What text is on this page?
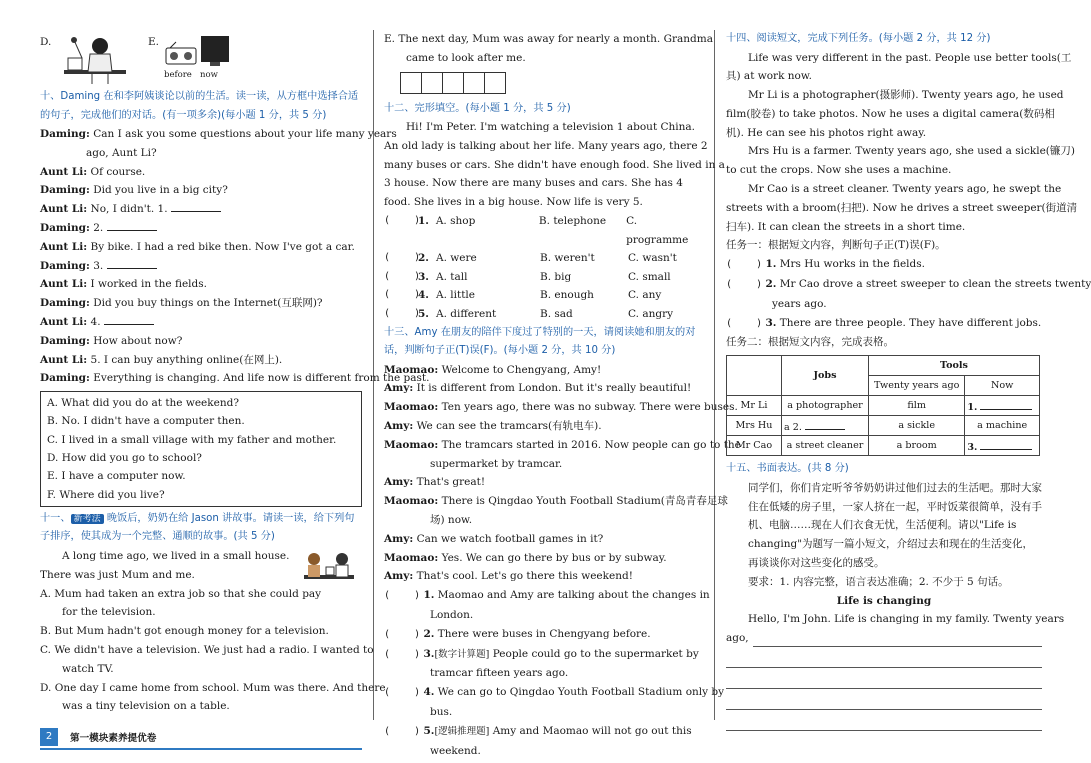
D.	E.
before now

十、Daming 在和李阿姨谈论以前的生活。读一读，从方框中选择合适的句子，完成他们的对话。(有一项多余)(每小题 1 分，共 5 分)

Daming: Can I ask you some questions about your life many years

ago, Aunt Li?

Aunt Li: Of course.

Daming: Did you live in a big city?

Aunt Li: No, I didn't. 1.

Daming: 2.

Aunt Li: By bike. I had a red bike then. Now I've got a car.

Daming: 3.

Aunt Li: I worked in the fields.

Daming: Did you buy things on the Internet(互联网)?

Aunt Li: 4.

Daming: How about now?

Aunt Li: 5. I can buy anything online(在网上).

Daming: Everything is changing. And life now is different from the past.

A. What did you do at the weekend?

B. No. I didn't have a computer then.

C. I lived in a small village with my father and mother.

D. How did you go to school?

E. I have a computer now.

F. Where did you live?

十一、 新考法 晚饭后，奶奶在给 Jason 讲故事。请读一读，给下列句子排序，使其成为一个完整、通顺的故事。(共 5 分)

A long time ago, we lived in a small house.

There was just Mum and me.

A. Mum had taken an extra job so that she could pay

for the television.

B. But Mum hadn't got enough money for a television.

C. We didn't have a television. We just had a radio. I wanted to

watch TV.

D. One day I came home from school. Mum was there. And there

was a tiny television on a table.

2	第一模块素养提优卷

E. The next day, Mum was away for nearly a month. Grandma

came to look after me.

十二、完形填空。(每小题 1 分，共 5 分)

Hi! I'm Peter. I'm watching a television 1 about China.

An old lady is talking about her life. Many years ago, there 2

many buses or cars. She didn't have enough food. She lived in a

3 house. Now there are many buses and cars. She has 4

food. She lives in a big house. Now life is very 5.

(    )
1. A. shop	B. telephone	C. programme
(    )
2. A. were	B. weren't	C. wasn't
(    )
3. A. tall	B. big	C. small
(    )
4. A. little	B. enough	C. any
(    )
5. A. different	B. sad	C. angry

十三、Amy 在朋友的陪伴下度过了特别的一天，请阅读她和朋友的对话，判断句子正(T)误(F)。(每小题 2 分，共 10 分)

Maomao: Welcome to Chengyang, Amy!

Amy: It is different from London. But it's really beautiful!

Maomao: Ten years ago, there was no subway. There were buses.

Amy: We can see the tramcars(有轨电车).

Maomao: The tramcars started in 2016. Now people can go to the

supermarket by tramcar.

Amy: That's great!

Maomao: There is Qingdao Youth Football Stadium(青岛青春足球

场) now.

Amy: Can we watch football games in it?

Maomao: Yes. We can go there by bus or by subway.

Amy: That's cool. Let's go there this weekend!

(    ) 1. Maomao and Amy are talking about the changes in

London.

(    ) 2. There were buses in Chengyang before.

(    ) 3.[数字计算题] People could go to the supermarket by

tramcar fifteen years ago.

(    ) 4. We can go to Qingdao Youth Football Stadium only by

bus.

(    ) 5.[逻辑推理题] Amy and Maomao will not go out this

weekend.

十四、阅读短文，完成下列任务。(每小题 2 分，共 12 分)

Life was very different in the past. People use better tools(工

具) at work now.

Mr Li is a photographer(摄影师). Twenty years ago, he used

film(胶卷) to take photos. Now he uses a digital camera(数码相

机). He can see his photos right away.

Mrs Hu is a farmer. Twenty years ago, she used a sickle(镰刀)

to cut the crops. Now she uses a machine.

Mr Cao is a street cleaner. Twenty years ago, he swept the

streets with a broom(扫把). Now he drives a street sweeper(街道清

扫车). It can clean the streets in a short time.

任务一：根据短文内容，判断句子正(T)误(F)。

(    ) 1. Mrs Hu works in the fields.

(    ) 2. Mr Cao drove a street sweeper to clean the streets twenty

years ago.

(    ) 3. There are three people. They have different jobs.

任务二：根据短文内容，完成表格。

	Jobs	Tools	
		Twenty years ago	Now
Mr Li	a photographer	film	1.
Mrs Hu	a 2.	a sickle	a machine
Mr Cao	a street cleaner	a broom	3.

十五、书面表达。(共 8 分)

同学们，你们肯定听爷爷奶奶讲过他们过去的生活吧。那时大家住在低矮的房子里，一家人挤在一起，平时饭菜很简单，没有手机、电脑……现在人们衣食无忧，生活便利。请以"Life is changing"为题写一篇小短文，介绍过去和现在的生活变化，再谈谈你对这些变化的感受。

要求：1. 内容完整，语言表达准确；2. 不少于 5 句话。

Life is changing

Hello, I'm John. Life is changing in my family. Twenty years

ago,
